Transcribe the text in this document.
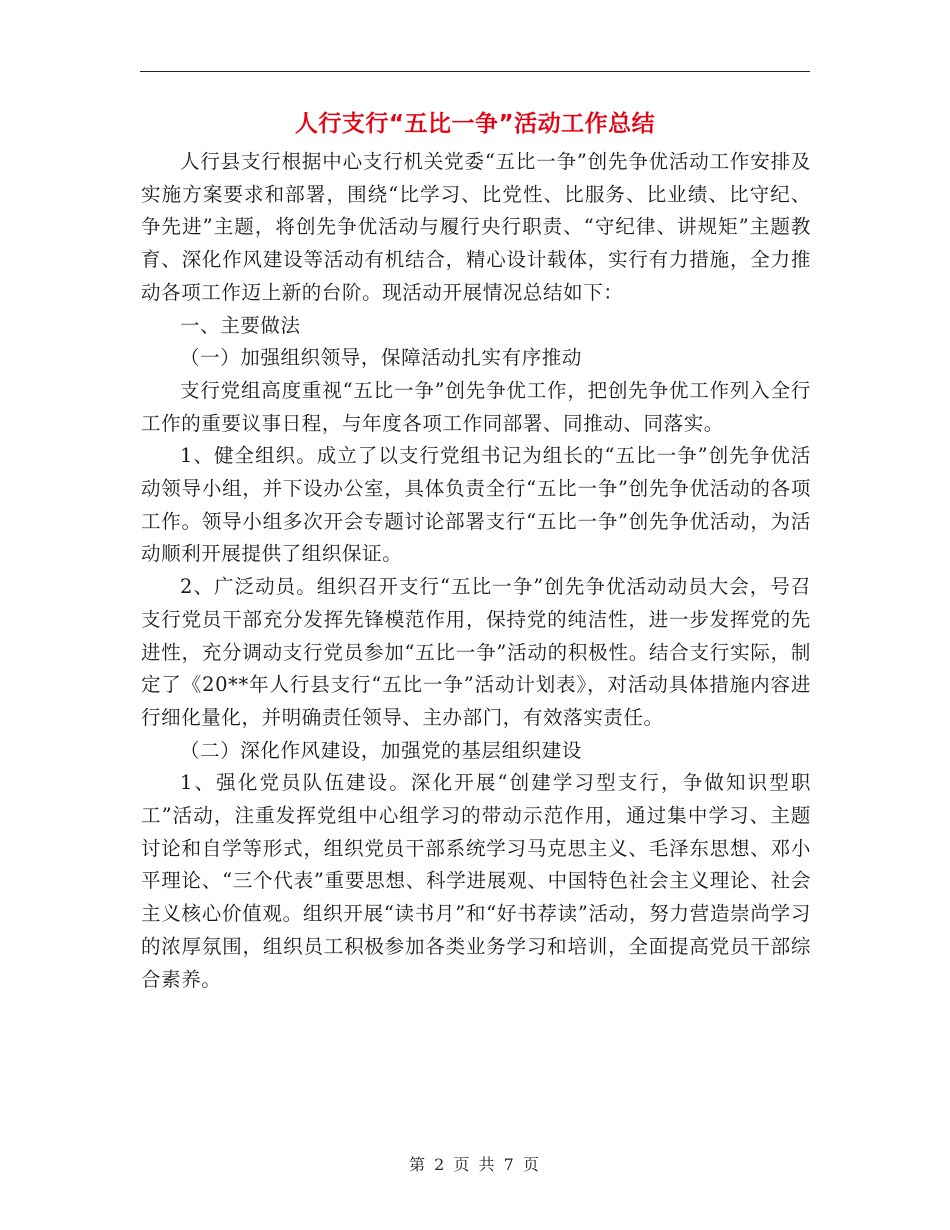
人行支行“五比一争”活动工作总结

人行县支行根据中心支行机关党委“五比一争”创先争优活动工作安排及实施方案要求和部署，围绕“比学习、比党性、比服务、比业绩、比守纪、争先进”主题，将创先争优活动与履行央行职责、“守纪律、讲规矩”主题教育、深化作风建设等活动有机结合，精心设计载体，实行有力措施，全力推动各项工作迈上新的台阶。现活动开展情况总结如下：

一、主要做法

（一）加强组织领导，保障活动扎实有序推动

支行党组高度重视“五比一争”创先争优工作，把创先争优工作列入全行工作的重要议事日程，与年度各项工作同部署、同推动、同落实。

1、健全组织。成立了以支行党组书记为组长的“五比一争”创先争优活动领导小组，并下设办公室，具体负责全行“五比一争”创先争优活动的各项工作。领导小组多次开会专题讨论部署支行“五比一争”创先争优活动，为活动顺利开展提供了组织保证。

2、广泛动员。组织召开支行“五比一争”创先争优活动动员大会，号召支行党员干部充分发挥先锋模范作用，保持党的纯洁性，进一步发挥党的先进性，充分调动支行党员参加“五比一争”活动的积极性。结合支行实际，制定了《20**年人行县支行“五比一争”活动计划表》，对活动具体措施内容进行细化量化，并明确责任领导、主办部门，有效落实责任。

（二）深化作风建设，加强党的基层组织建设

1、强化党员队伍建设。深化开展“创建学习型支行，争做知识型职工”活动，注重发挥党组中心组学习的带动示范作用，通过集中学习、主题讨论和自学等形式，组织党员干部系统学习马克思主义、毛泽东思想、邓小平理论、“三个代表”重要思想、科学进展观、中国特色社会主义理论、社会主义核心价值观。组织开展“读书月”和“好书荐读”活动，努力营造崇尚学习的浓厚氛围，组织员工积极参加各类业务学习和培训，全面提高党员干部综合素养。

第 2 页 共 7 页
